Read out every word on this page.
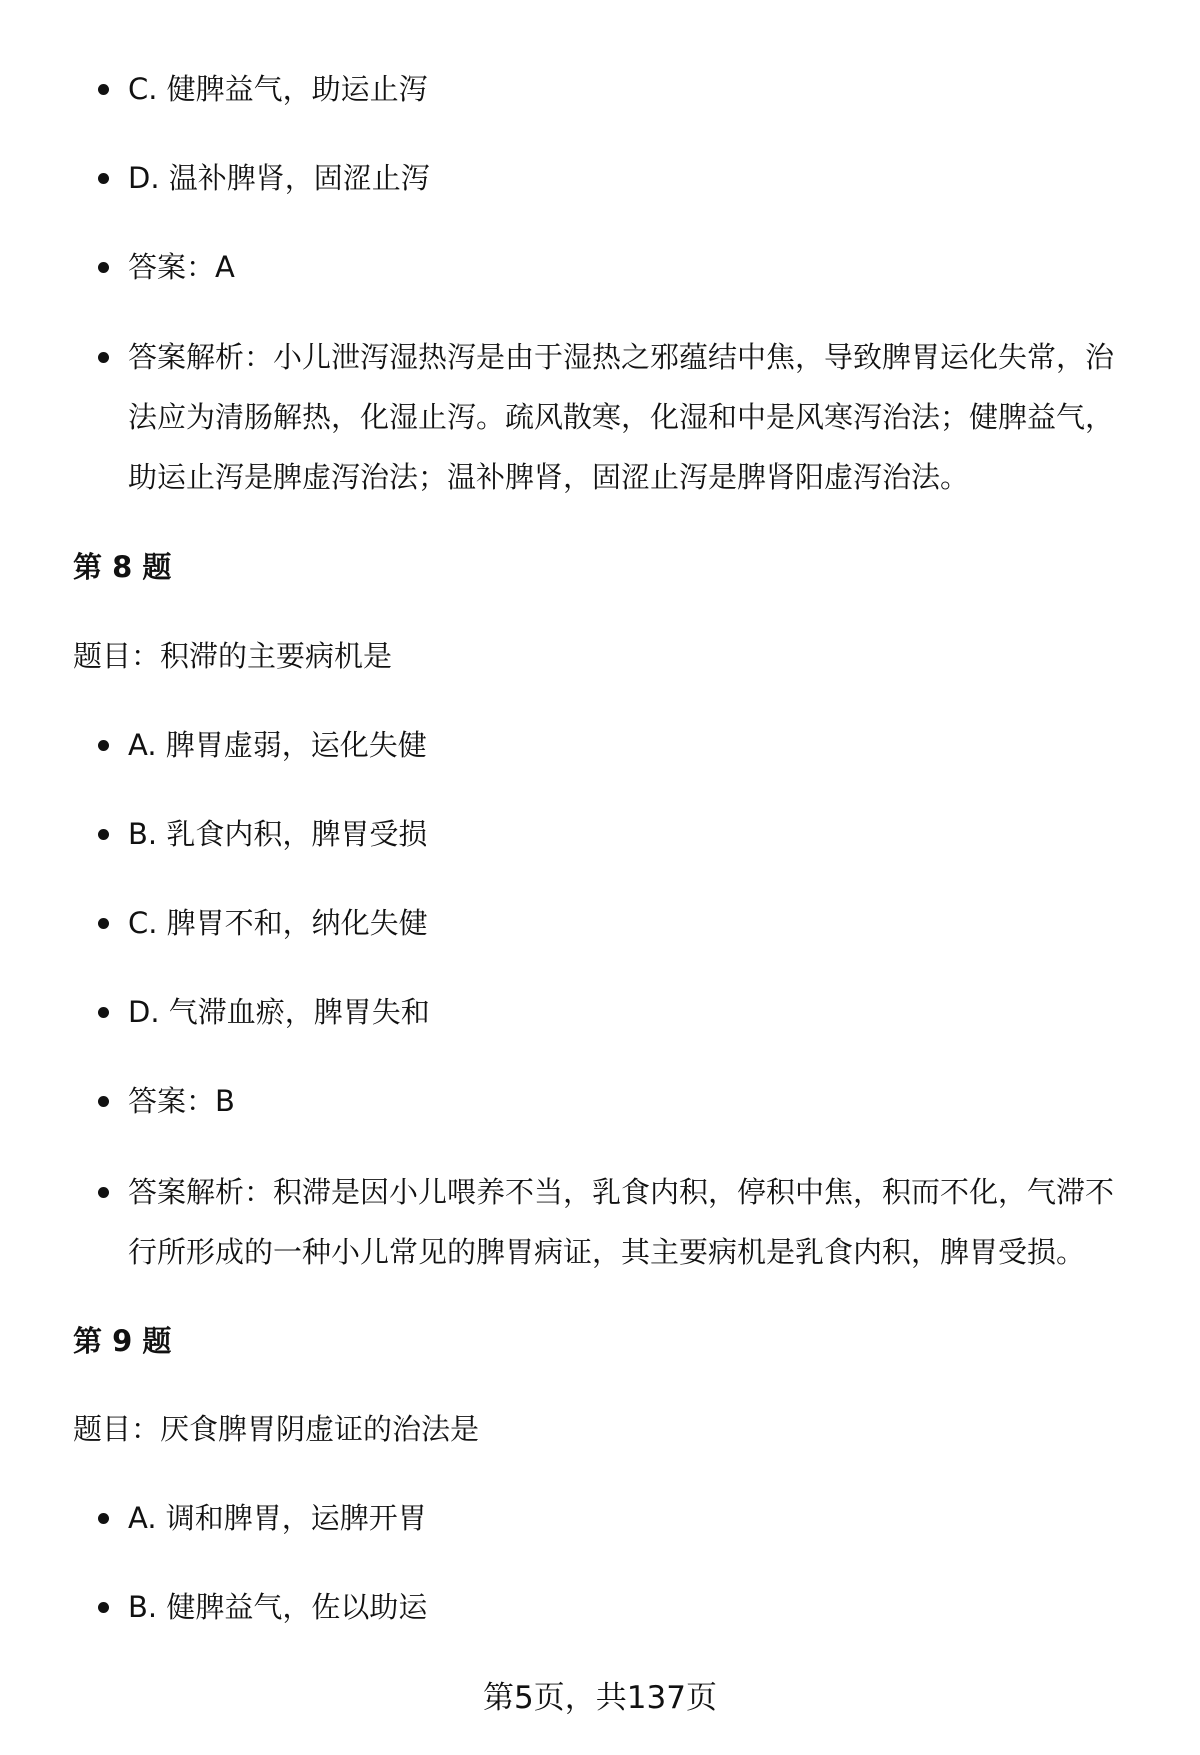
C. 健脾益气，助运止泻
D. 温补脾肾，固涩止泻
答案：A
答案解析：小儿泄泻湿热泻是由于湿热之邪蕴结中焦，导致脾胃运化失常，治法应为清肠解热，化湿止泻。疏风散寒，化湿和中是风寒泻治法；健脾益气，助运止泻是脾虚泻治法；温补脾肾，固涩止泻是脾肾阳虚泻治法。
第 8 题
题目：积滞的主要病机是
A. 脾胃虚弱，运化失健
B. 乳食内积，脾胃受损
C. 脾胃不和，纳化失健
D. 气滞血瘀，脾胃失和
答案：B
答案解析：积滞是因小儿喂养不当，乳食内积，停积中焦，积而不化，气滞不行所形成的一种小儿常见的脾胃病证，其主要病机是乳食内积，脾胃受损。
第 9 题
题目：厌食脾胃阴虚证的治法是
A. 调和脾胃，运脾开胃
B. 健脾益气，佐以助运
第5页，共137页
